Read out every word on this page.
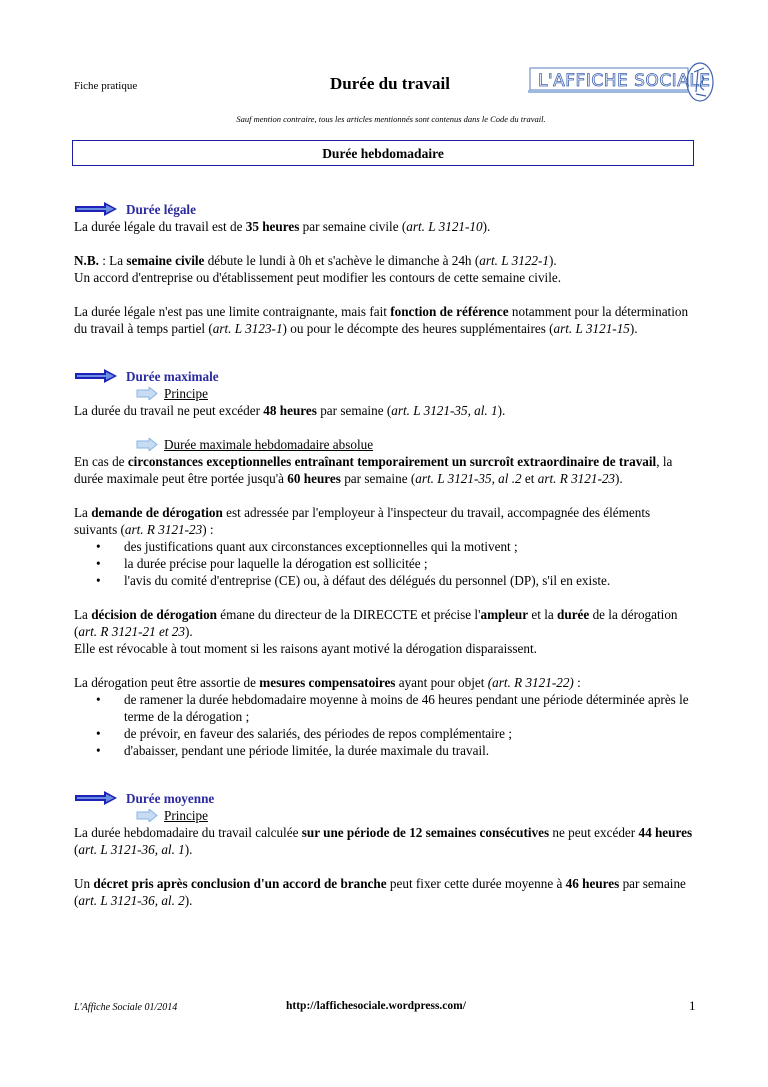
Fiche pratique	Durée du travail	L'AFFICHE SOCIALE
Sauf mention contraire, tous les articles mentionnés sont contenus dans le Code du travail.
Durée hebdomadaire
Durée légale

La durée légale du travail est de 35 heures par semaine civile (art. L 3121-10).

N.B. : La semaine civile débute le lundi à 0h et s'achève le dimanche à 24h (art. L 3122-1).

Un accord d'entreprise ou d'établissement peut modifier les contours de cette semaine civile.

La durée légale n'est pas une limite contraignante, mais fait fonction de référence notamment pour la détermination du travail à temps partiel (art. L 3123-1) ou pour le décompte des heures supplémentaires (art. L 3121-15).

Durée maximale
Principe

La durée du travail ne peut excéder 48 heures par semaine (art. L 3121-35, al. 1).

Durée maximale hebdomadaire absolue

En cas de circonstances exceptionnelles entraînant temporairement un surcroît extraordinaire de travail, la durée maximale peut être portée jusqu'à 60 heures par semaine (art. L 3121-35, al .2 et art. R 3121-23).

La demande de dérogation est adressée par l'employeur à l'inspecteur du travail, accompagnée des éléments suivants (art. R 3121-23) :

• des justifications quant aux circonstances exceptionnelles qui la motivent ;
• la durée précise pour laquelle la dérogation est sollicitée ;
• l'avis du comité d'entreprise (CE) ou, à défaut des délégués du personnel (DP), s'il en existe.

La décision de dérogation émane du directeur de la DIRECCTE et précise l'ampleur et la durée de la dérogation (art. R 3121-21 et 23).

Elle est révocable à tout moment si les raisons ayant motivé la dérogation disparaissent.

La dérogation peut être assortie de mesures compensatoires ayant pour objet (art. R 3121-22) :

• de ramener la durée hebdomadaire moyenne à moins de 46 heures pendant une période déterminée après le terme de la dérogation ;
• de prévoir, en faveur des salariés, des périodes de repos complémentaire ;
• d'abaisser, pendant une période limitée, la durée maximale du travail.
Durée moyenne
Principe

La durée hebdomadaire du travail calculée sur une période de 12 semaines consécutives ne peut excéder 44 heures (art. L 3121-36, al. 1).

Un décret pris après conclusion d'un accord de branche peut fixer cette durée moyenne à 46 heures par semaine (art. L 3121-36, al. 2).

L'Affiche Sociale 01/2014	http://laffichesociale.wordpress.com/	1
